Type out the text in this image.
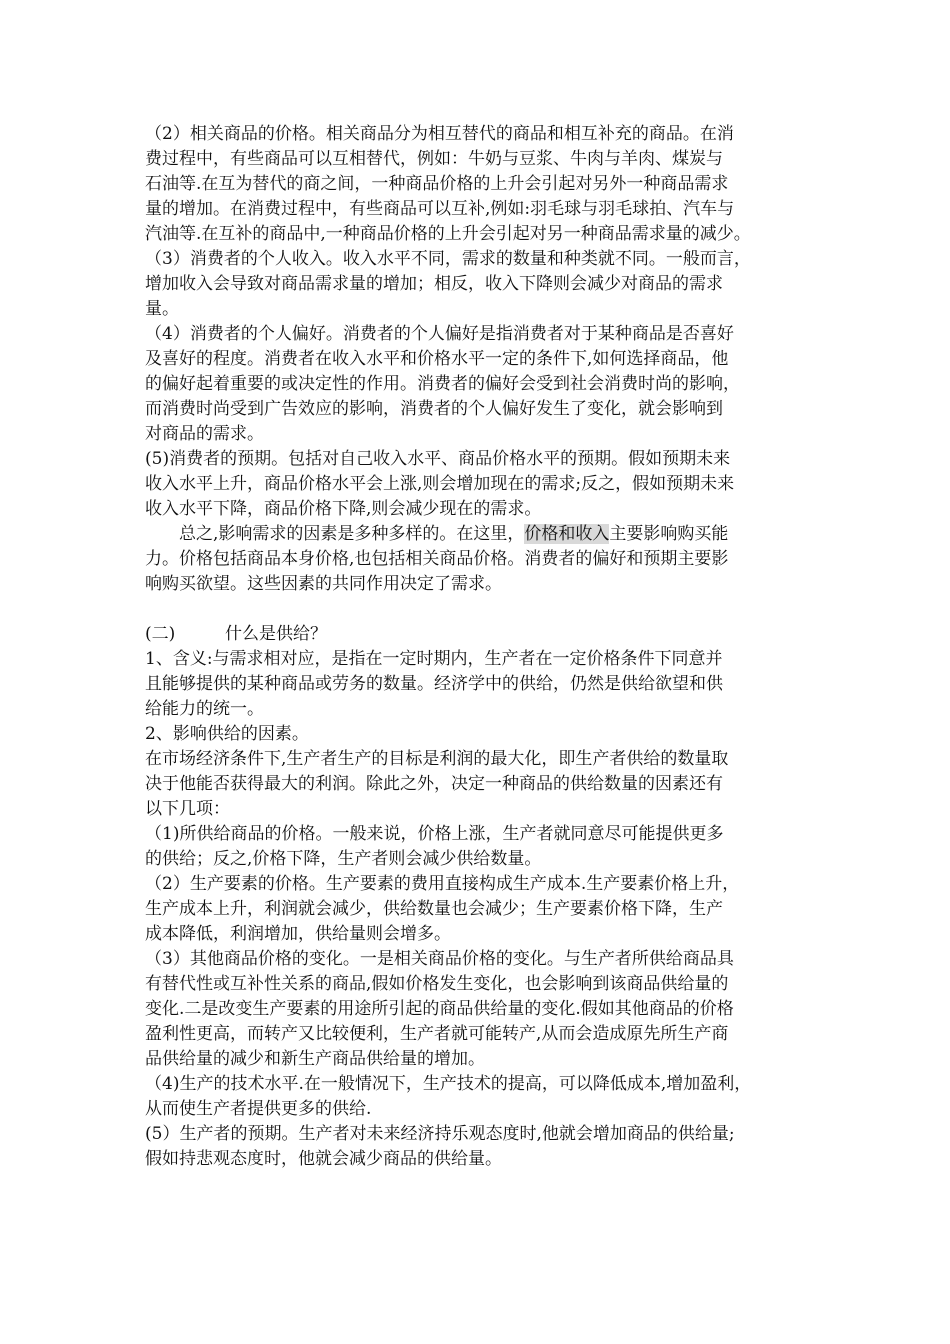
（2）相关商品的价格。相关商品分为相互替代的商品和相互补充的商品。在消
费过程中，有些商品可以互相替代，例如：牛奶与豆浆、牛肉与羊肉、煤炭与
石油等.在互为替代的商之间，一种商品价格的上升会引起对另外一种商品需求
量的增加。在消费过程中，有些商品可以互补,例如:羽毛球与羽毛球拍、汽车与
汽油等.在互补的商品中,一种商品价格的上升会引起对另一种商品需求量的减少。
（3）消费者的个人收入。收入水平不同，需求的数量和种类就不同。一般而言，
增加收入会导致对商品需求量的增加；相反，收入下降则会减少对商品的需求
量。
（4）消费者的个人偏好。消费者的个人偏好是指消费者对于某种商品是否喜好
及喜好的程度。消费者在收入水平和价格水平一定的条件下,如何选择商品，他
的偏好起着重要的或决定性的作用。消费者的偏好会受到社会消费时尚的影响，
而消费时尚受到广告效应的影响，消费者的个人偏好发生了变化，就会影响到
对商品的需求。
(5)消费者的预期。包括对自己收入水平、商品价格水平的预期。假如预期未来
收入水平上升，商品价格水平会上涨,则会增加现在的需求;反之，假如预期未来
收入水平下降，商品价格下降,则会减少现在的需求。
总之,影响需求的因素是多种多样的。在这里，价格和收入主要影响购买能
力。价格包括商品本身价格,也包括相关商品价格。消费者的偏好和预期主要影
响购买欲望。这些因素的共同作用决定了需求。
(二)	什么是供给？
1、含义:与需求相对应，是指在一定时期内，生产者在一定价格条件下同意并
且能够提供的某种商品或劳务的数量。经济学中的供给，仍然是供给欲望和供
给能力的统一。
2、影响供给的因素。
在市场经济条件下,生产者生产的目标是利润的最大化，即生产者供给的数量取
决于他能否获得最大的利润。除此之外，决定一种商品的供给数量的因素还有
以下几项：
（1)所供给商品的价格。一般来说，价格上涨，生产者就同意尽可能提供更多
的供给；反之,价格下降，生产者则会减少供给数量。
（2）生产要素的价格。生产要素的费用直接构成生产成本.生产要素价格上升，
生产成本上升，利润就会减少，供给数量也会减少；生产要素价格下降，生产
成本降低，利润增加，供给量则会增多。
（3）其他商品价格的变化。一是相关商品价格的变化。与生产者所供给商品具
有替代性或互补性关系的商品,假如价格发生变化，也会影响到该商品供给量的
变化.二是改变生产要素的用途所引起的商品供给量的变化.假如其他商品的价格
盈利性更高，而转产又比较便利，生产者就可能转产,从而会造成原先所生产商
品供给量的减少和新生产商品供给量的增加。
（4)生产的技术水平.在一般情况下，生产技术的提高，可以降低成本,增加盈利，
从而使生产者提供更多的供给.
(5）生产者的预期。生产者对未来经济持乐观态度时,他就会增加商品的供给量;
假如持悲观态度时，他就会减少商品的供给量。
